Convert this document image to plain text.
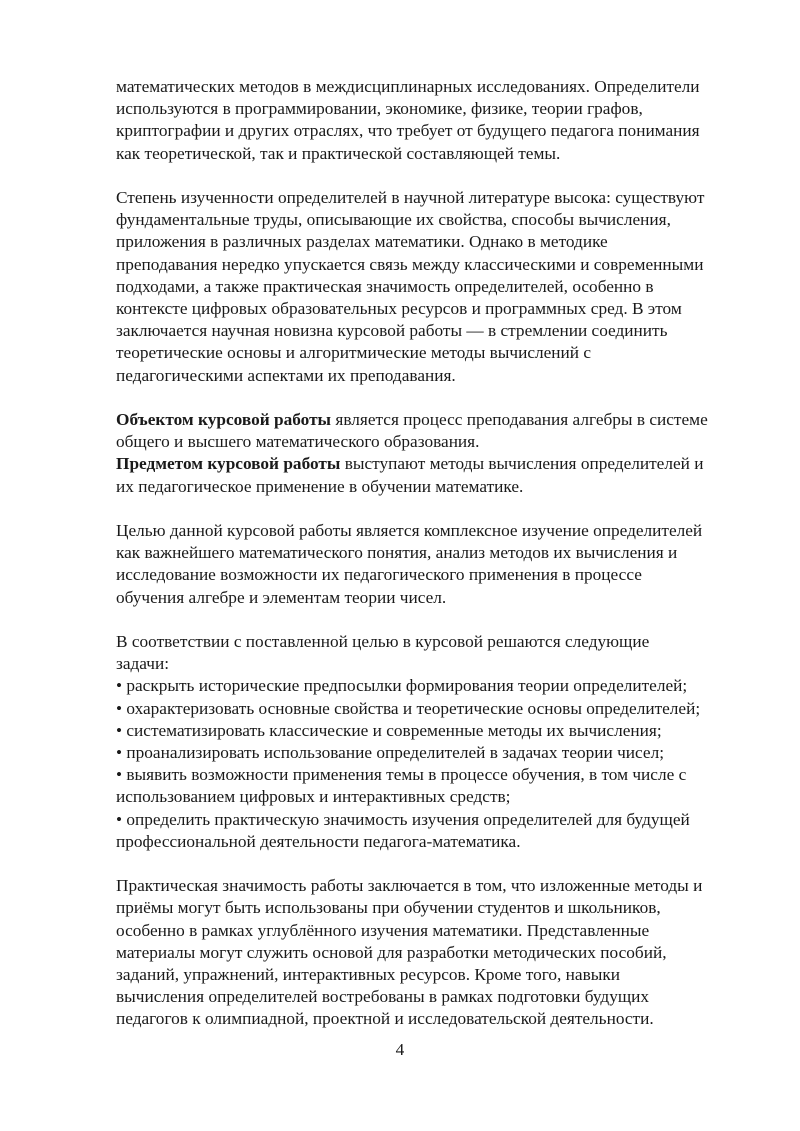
математических методов в междисциплинарных исследованиях. Определители
используются в программировании, экономике, физике, теории графов,
криптографии и других отраслях, что требует от будущего педагога понимания
как теоретической, так и практической составляющей темы.

Степень изученности определителей в научной литературе высока: существуют
фундаментальные труды, описывающие их свойства, способы вычисления,
приложения в различных разделах математики. Однако в методике
преподавания нередко упускается связь между классическими и современными
подходами, а также практическая значимость определителей, особенно в
контексте цифровых образовательных ресурсов и программных сред. В этом
заключается научная новизна курсовой работы — в стремлении соединить
теоретические основы и алгоритмические методы вычислений с
педагогическими аспектами их преподавания.

Объектом курсовой работы является процесс преподавания алгебры в системе
общего и высшего математического образования.

Предметом курсовой работы выступают методы вычисления определителей и
их педагогическое применение в обучении математике.

Целью данной курсовой работы является комплексное изучение определителей
как важнейшего математического понятия, анализ методов их вычисления и
исследование возможности их педагогического применения в процессе
обучения алгебре и элементам теории чисел.

В соответствии с поставленной целью в курсовой решаются следующие
задачи:
• раскрыть исторические предпосылки формирования теории определителей;
• охарактеризовать основные свойства и теоретические основы определителей;
• систематизировать классические и современные методы их вычисления;
• проанализировать использование определителей в задачах теории чисел;
• выявить возможности применения темы в процессе обучения, в том числе с
использованием цифровых и интерактивных средств;
• определить практическую значимость изучения определителей для будущей
профессиональной деятельности педагога-математика.

Практическая значимость работы заключается в том, что изложенные методы и
приёмы могут быть использованы при обучении студентов и школьников,
особенно в рамках углублённого изучения математики. Представленные
материалы могут служить основой для разработки методических пособий,
заданий, упражнений, интерактивных ресурсов. Кроме того, навыки
вычисления определителей востребованы в рамках подготовки будущих
педагогов к олимпиадной, проектной и исследовательской деятельности.

4
